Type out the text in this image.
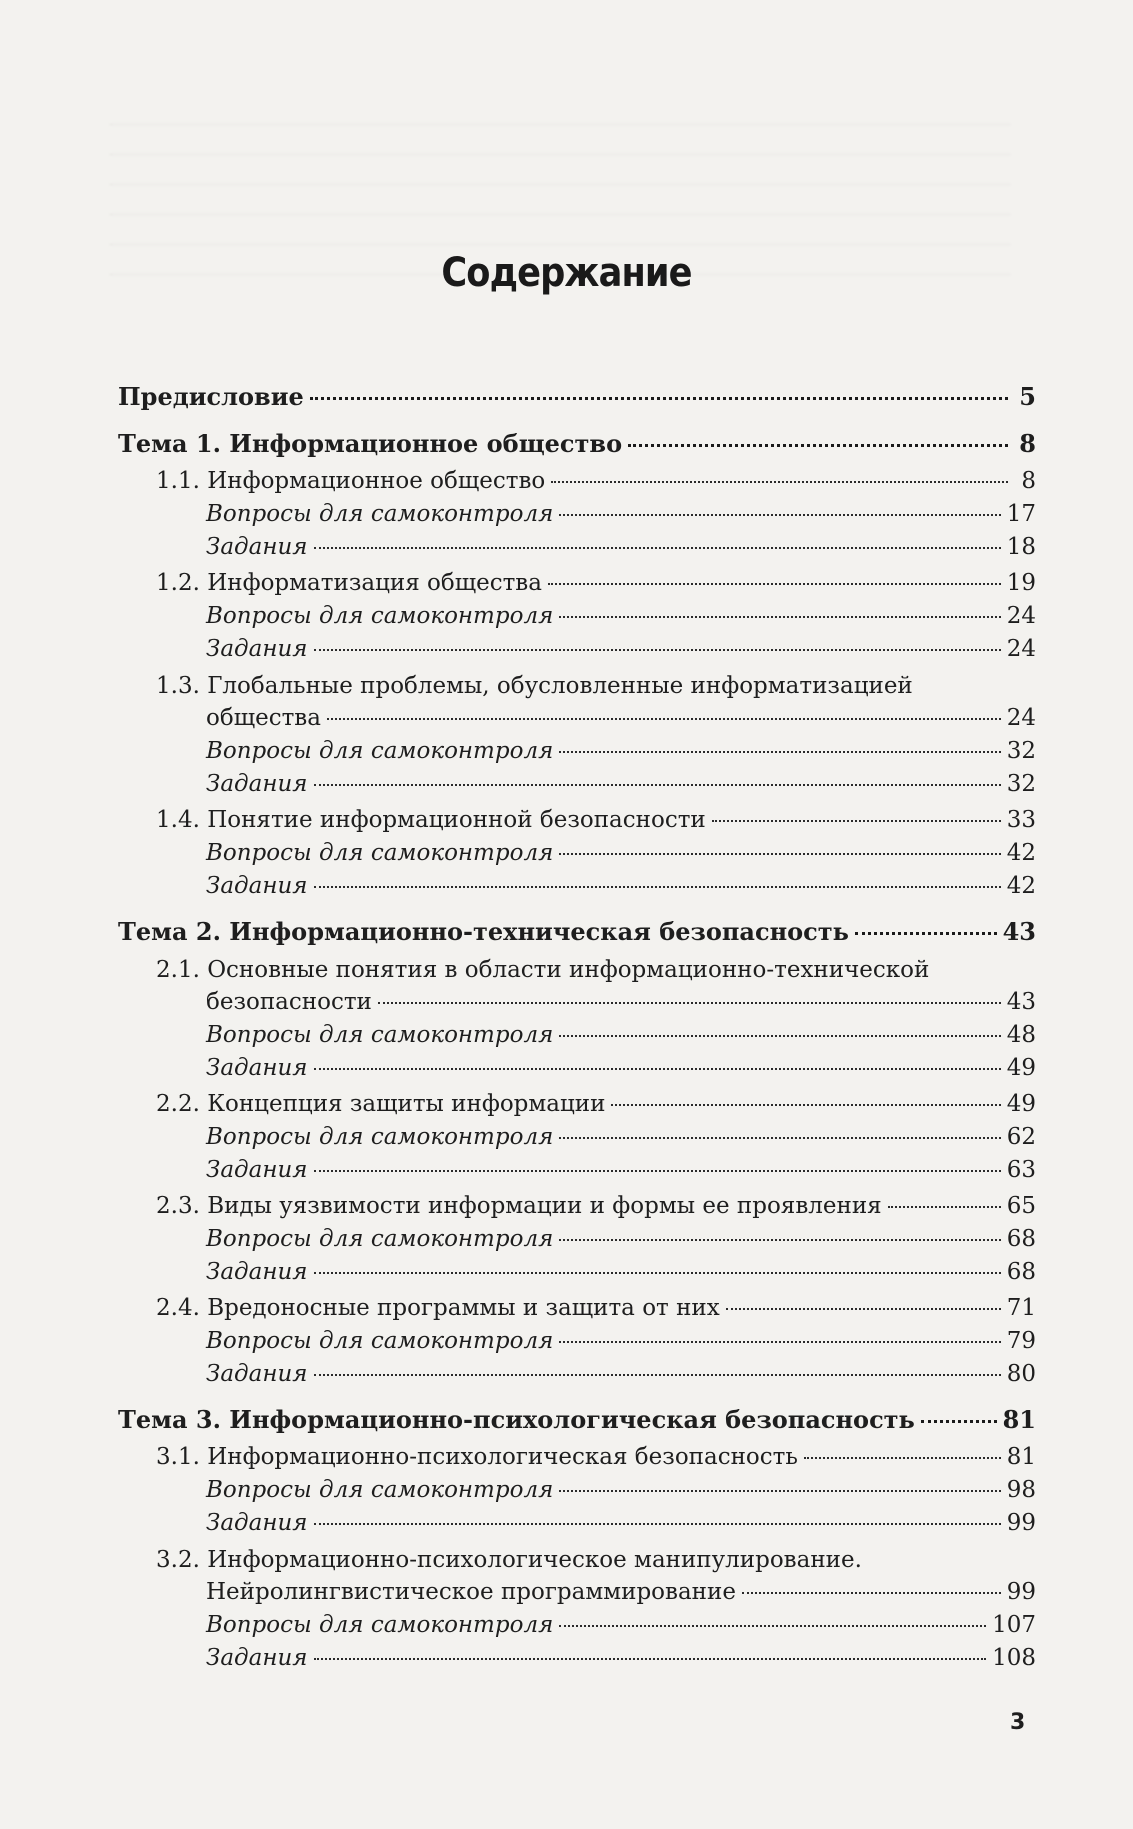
Содержание
Предисловие	5
Тема 1. Информационное общество	8
1.1. Информационное общество	8
Вопросы для самоконтроля	17
Задания	18
1.2. Информатизация общества	19
Вопросы для самоконтроля	24
Задания	24
1.3. Глобальные проблемы, обусловленные информатизацией
общества	24
Вопросы для самоконтроля	32
Задания	32
1.4. Понятие информационной безопасности	33
Вопросы для самоконтроля	42
Задания	42
Тема 2. Информационно-техническая безопасность	43
2.1. Основные понятия в области информационно-технической
безопасности	43
Вопросы для самоконтроля	48
Задания	49
2.2. Концепция защиты информации	49
Вопросы для самоконтроля	62
Задания	63
2.3. Виды уязвимости информации и формы ее проявления	65
Вопросы для самоконтроля	68
Задания	68
2.4. Вредоносные программы и защита от них	71
Вопросы для самоконтроля	79
Задания	80
Тема 3. Информационно-психологическая безопасность	81
3.1. Информационно-психологическая безопасность	81
Вопросы для самоконтроля	98
Задания	99
3.2. Информационно-психологическое манипулирование.
Нейролингвистическое программирование	99
Вопросы для самоконтроля	107
Задания	108
3
